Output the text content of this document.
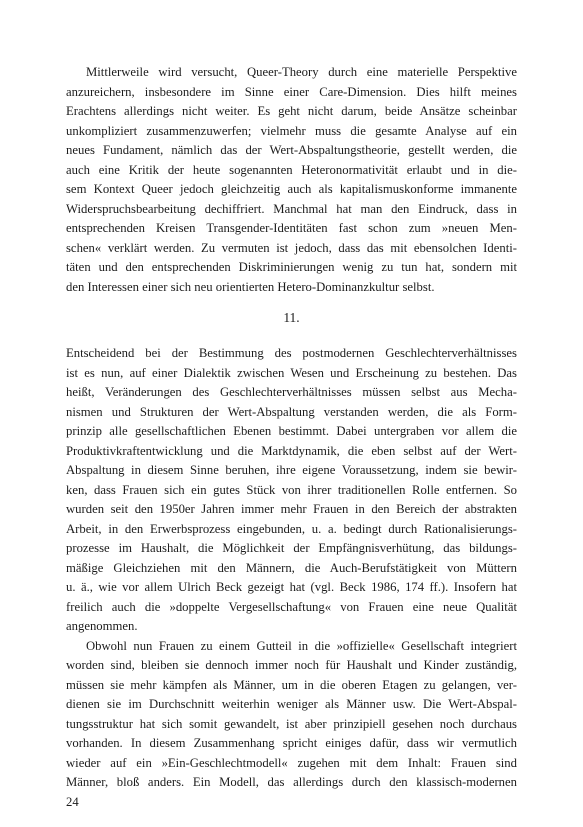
Mittlerweile wird versucht, Queer-Theory durch eine materielle Perspektive
anzureichern, insbesondere im Sinne einer Care-Dimension. Dies hilft meines
Erachtens allerdings nicht weiter. Es geht nicht darum, beide Ansätze scheinbar
unkompliziert zusammenzuwerfen; vielmehr muss die gesamte Analyse auf ein
neues Fundament, nämlich das der Wert-Abspaltungstheorie, gestellt werden, die
auch eine Kritik der heute sogenannten Heteronormativität erlaubt und in die-
sem Kontext Queer jedoch gleichzeitig auch als kapitalismuskonforme immanente
Widerspruchsbearbeitung dechiffriert. Manchmal hat man den Eindruck, dass in
entsprechenden Kreisen Transgender-Identitäten fast schon zum »neuen Men-
schen« verklärt werden. Zu vermuten ist jedoch, dass das mit ebensolchen Identi-
täten und den entsprechenden Diskriminierungen wenig zu tun hat, sondern mit
den Interessen einer sich neu orientierten Hetero-Dominanzkultur selbst.
11.
Entscheidend bei der Bestimmung des postmodernen Geschlechterverhältnisses
ist es nun, auf einer Dialektik zwischen Wesen und Erscheinung zu bestehen. Das
heißt, Veränderungen des Geschlechterverhältnisses müssen selbst aus Mecha-
nismen und Strukturen der Wert-Abspaltung verstanden werden, die als Form-
prinzip alle gesellschaftlichen Ebenen bestimmt. Dabei untergraben vor allem die
Produktivkraftentwicklung und die Marktdynamik, die eben selbst auf der Wert-
Abspaltung in diesem Sinne beruhen, ihre eigene Voraussetzung, indem sie bewir-
ken, dass Frauen sich ein gutes Stück von ihrer traditionellen Rolle entfernen. So
wurden seit den 1950er Jahren immer mehr Frauen in den Bereich der abstrakten
Arbeit, in den Erwerbsprozess eingebunden, u. a. bedingt durch Rationalisierungs-
prozesse im Haushalt, die Möglichkeit der Empfängnisverhütung, das bildungs-
mäßige Gleichziehen mit den Männern, die Auch-Berufstätigkeit von Müttern
u. ä., wie vor allem Ulrich Beck gezeigt hat (vgl. Beck 1986, 174 ff.). Insofern hat
freilich auch die »doppelte Vergesellschaftung« von Frauen eine neue Qualität
angenommen.
Obwohl nun Frauen zu einem Gutteil in die »offizielle« Gesellschaft integriert
worden sind, bleiben sie dennoch immer noch für Haushalt und Kinder zuständig,
müssen sie mehr kämpfen als Männer, um in die oberen Etagen zu gelangen, ver-
dienen sie im Durchschnitt weiterhin weniger als Männer usw. Die Wert-Abspal-
tungsstruktur hat sich somit gewandelt, ist aber prinzipiell gesehen noch durchaus
vorhanden. In diesem Zusammenhang spricht einiges dafür, dass wir vermutlich
wieder auf ein »Ein-Geschlechtmodell« zugehen mit dem Inhalt: Frauen sind
Männer, bloß anders. Ein Modell, das allerdings durch den klassisch-modernen
24
